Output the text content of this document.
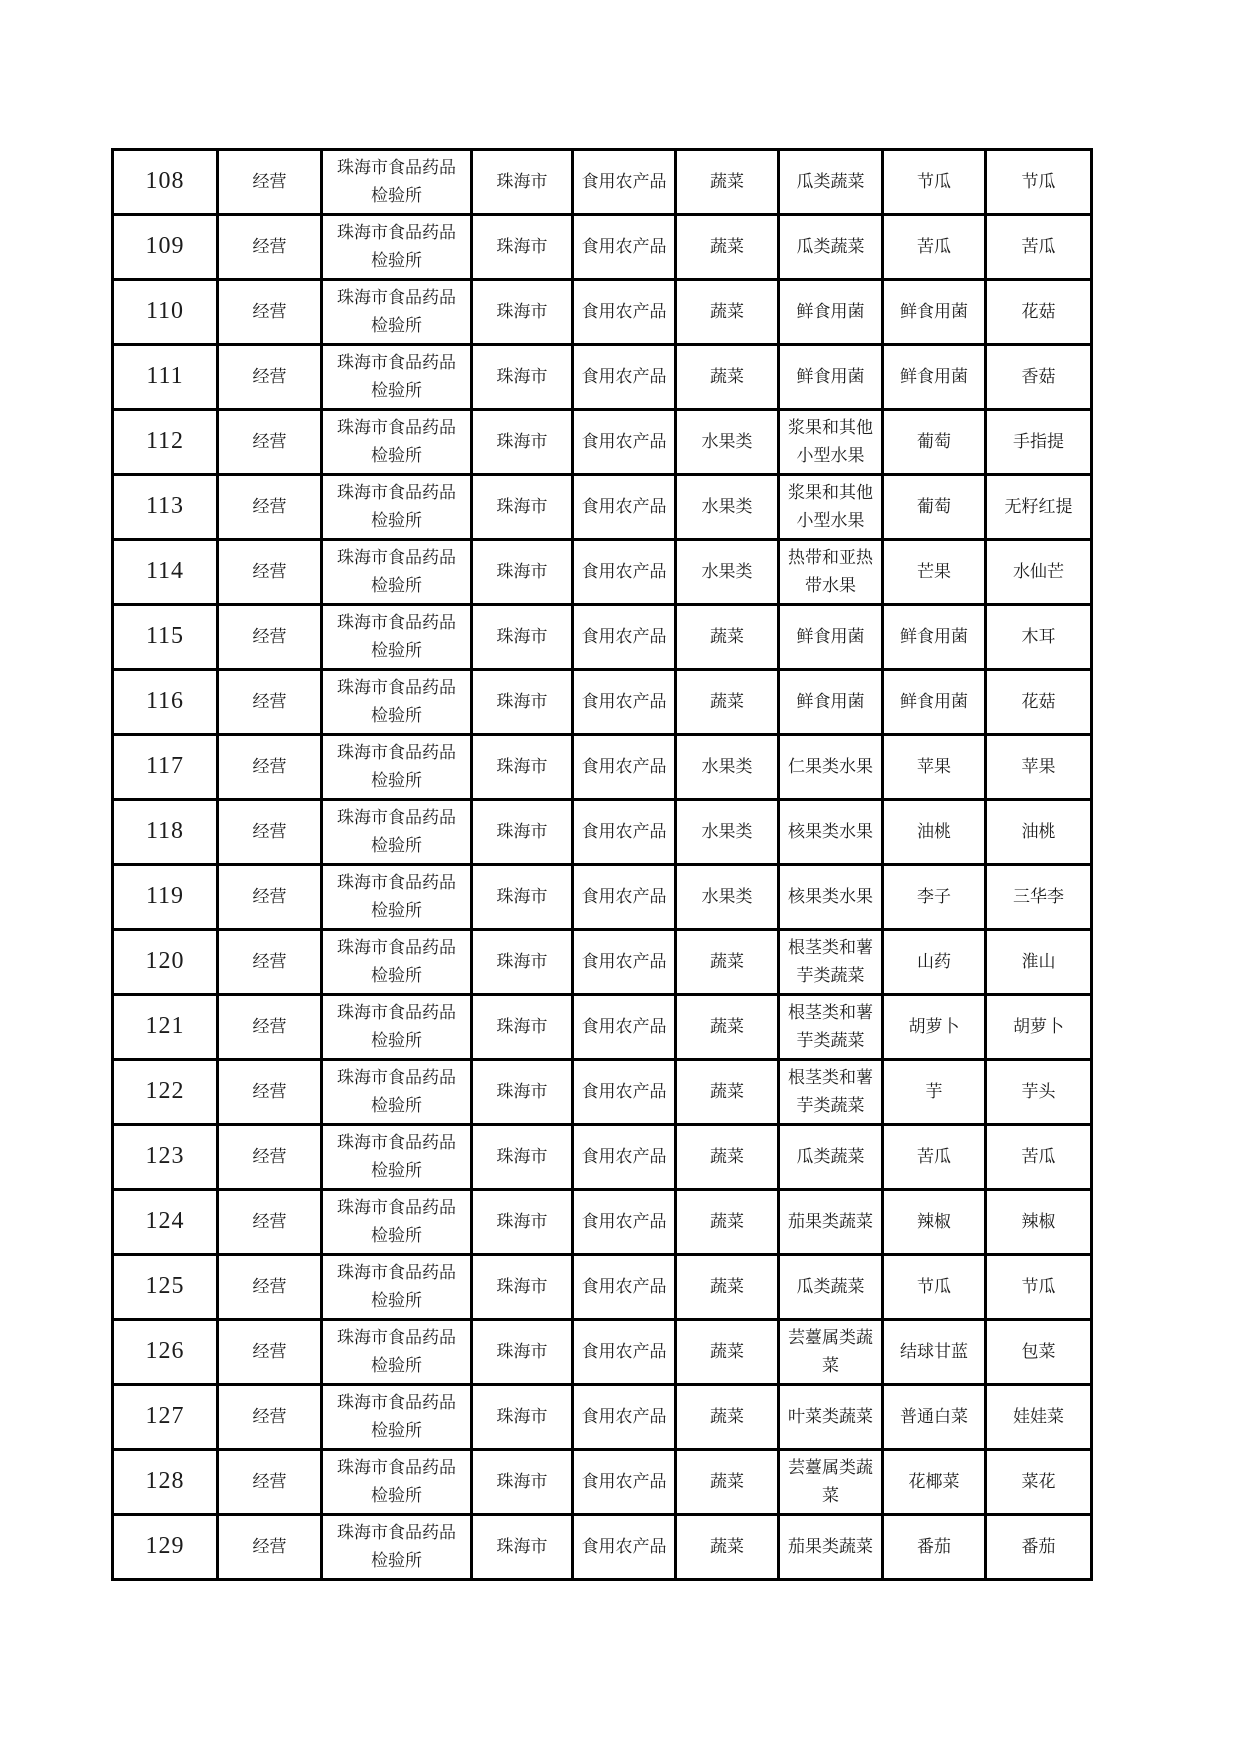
108	经营	珠海市食品药品检验所	珠海市	食用农产品	蔬菜	瓜类蔬菜	节瓜	节瓜
109	经营	珠海市食品药品检验所	珠海市	食用农产品	蔬菜	瓜类蔬菜	苦瓜	苦瓜
110	经营	珠海市食品药品检验所	珠海市	食用农产品	蔬菜	鲜食用菌	鲜食用菌	花菇
111	经营	珠海市食品药品检验所	珠海市	食用农产品	蔬菜	鲜食用菌	鲜食用菌	香菇
112	经营	珠海市食品药品检验所	珠海市	食用农产品	水果类	浆果和其他小型水果	葡萄	手指提
113	经营	珠海市食品药品检验所	珠海市	食用农产品	水果类	浆果和其他小型水果	葡萄	无籽红提
114	经营	珠海市食品药品检验所	珠海市	食用农产品	水果类	热带和亚热带水果	芒果	水仙芒
115	经营	珠海市食品药品检验所	珠海市	食用农产品	蔬菜	鲜食用菌	鲜食用菌	木耳
116	经营	珠海市食品药品检验所	珠海市	食用农产品	蔬菜	鲜食用菌	鲜食用菌	花菇
117	经营	珠海市食品药品检验所	珠海市	食用农产品	水果类	仁果类水果	苹果	苹果
118	经营	珠海市食品药品检验所	珠海市	食用农产品	水果类	核果类水果	油桃	油桃
119	经营	珠海市食品药品检验所	珠海市	食用农产品	水果类	核果类水果	李子	三华李
120	经营	珠海市食品药品检验所	珠海市	食用农产品	蔬菜	根茎类和薯芋类蔬菜	山药	淮山
121	经营	珠海市食品药品检验所	珠海市	食用农产品	蔬菜	根茎类和薯芋类蔬菜	胡萝卜	胡萝卜
122	经营	珠海市食品药品检验所	珠海市	食用农产品	蔬菜	根茎类和薯芋类蔬菜	芋	芋头
123	经营	珠海市食品药品检验所	珠海市	食用农产品	蔬菜	瓜类蔬菜	苦瓜	苦瓜
124	经营	珠海市食品药品检验所	珠海市	食用农产品	蔬菜	茄果类蔬菜	辣椒	辣椒
125	经营	珠海市食品药品检验所	珠海市	食用农产品	蔬菜	瓜类蔬菜	节瓜	节瓜
126	经营	珠海市食品药品检验所	珠海市	食用农产品	蔬菜	芸薹属类蔬菜	结球甘蓝	包菜
127	经营	珠海市食品药品检验所	珠海市	食用农产品	蔬菜	叶菜类蔬菜	普通白菜	娃娃菜
128	经营	珠海市食品药品检验所	珠海市	食用农产品	蔬菜	芸薹属类蔬菜	花椰菜	菜花
129	经营	珠海市食品药品检验所	珠海市	食用农产品	蔬菜	茄果类蔬菜	番茄	番茄
